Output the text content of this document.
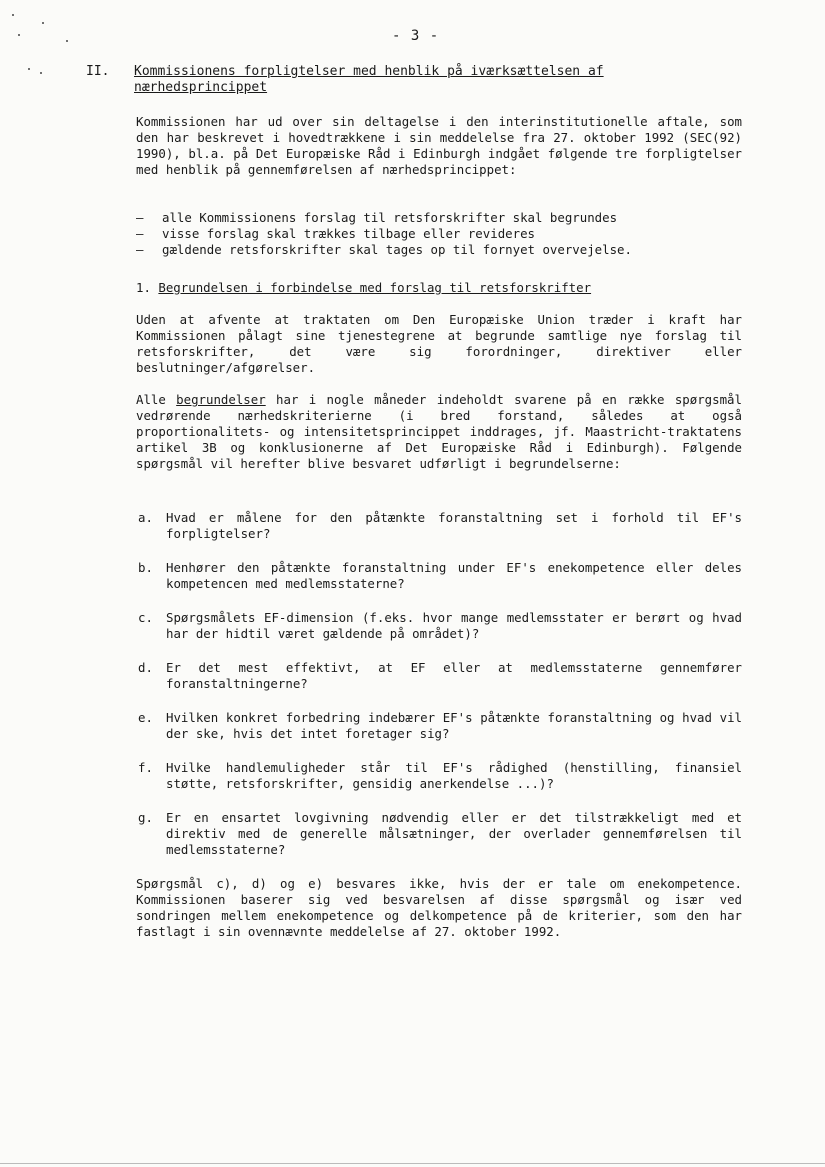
- 3 -
II. Kommissionens forpligtelser med henblik på iværksættelsen af nærhedsprincippet
Kommissionen har ud over sin deltagelse i den interinstitutionelle aftale, som den har beskrevet i hovedtrækkene i sin meddelelse fra 27. oktober 1992 (SEC(92) 1990), bl.a. på Det Europæiske Råd i Edinburgh indgået følgende tre forpligtelser med henblik på gennemførelsen af nærhedsprincippet:
– alle Kommissionens forslag til retsforskrifter skal begrundes
– visse forslag skal trækkes tilbage eller revideres
– gældende retsforskrifter skal tages op til fornyet overvejelse.
1. Begrundelsen i forbindelse med forslag til retsforskrifter
Uden at afvente at traktaten om Den Europæiske Union træder i kraft har Kommissionen pålagt sine tjenestegrene at begrunde samtlige nye forslag til retsforskrifter, det være sig forordninger, direktiver eller beslutninger/afgørelser.
Alle begrundelser har i nogle måneder indeholdt svarene på en række spørgsmål vedrørende nærhedskriterierne (i bred forstand, således at også proportionalitets- og intensitetsprincippet inddrages, jf. Maastricht-traktatens artikel 3B og konklusionerne af Det Europæiske Råd i Edinburgh). Følgende spørgsmål vil herefter blive besvaret udførligt i begrundelserne:
a. Hvad er målene for den påtænkte foranstaltning set i forhold til EF's forpligtelser?
b. Henhører den påtænkte foranstaltning under EF's enekompetence eller deles kompetencen med medlemsstaterne?
c. Spørgsmålets EF-dimension (f.eks. hvor mange medlemsstater er berørt og hvad har der hidtil været gældende på området)?
d. Er det mest effektivt, at EF eller at medlemsstaterne gennemfører foranstaltningerne?
e. Hvilken konkret forbedring indebærer EF's påtænkte foranstaltning og hvad vil der ske, hvis det intet foretager sig?
f. Hvilke handlemuligheder står til EF's rådighed (henstilling, finansiel støtte, retsforskrifter, gensidig anerkendelse ...)?
g. Er en ensartet lovgivning nødvendig eller er det tilstrækkeligt med et direktiv med de generelle målsætninger, der overlader gennemførelsen til medlemsstaterne?
Spørgsmål c), d) og e) besvares ikke, hvis der er tale om enekompetence. Kommissionen baserer sig ved besvarelsen af disse spørgsmål og især ved sondringen mellem enekompetence og delkompetence på de kriterier, som den har fastlagt i sin ovennævnte meddelelse af 27. oktober 1992.
